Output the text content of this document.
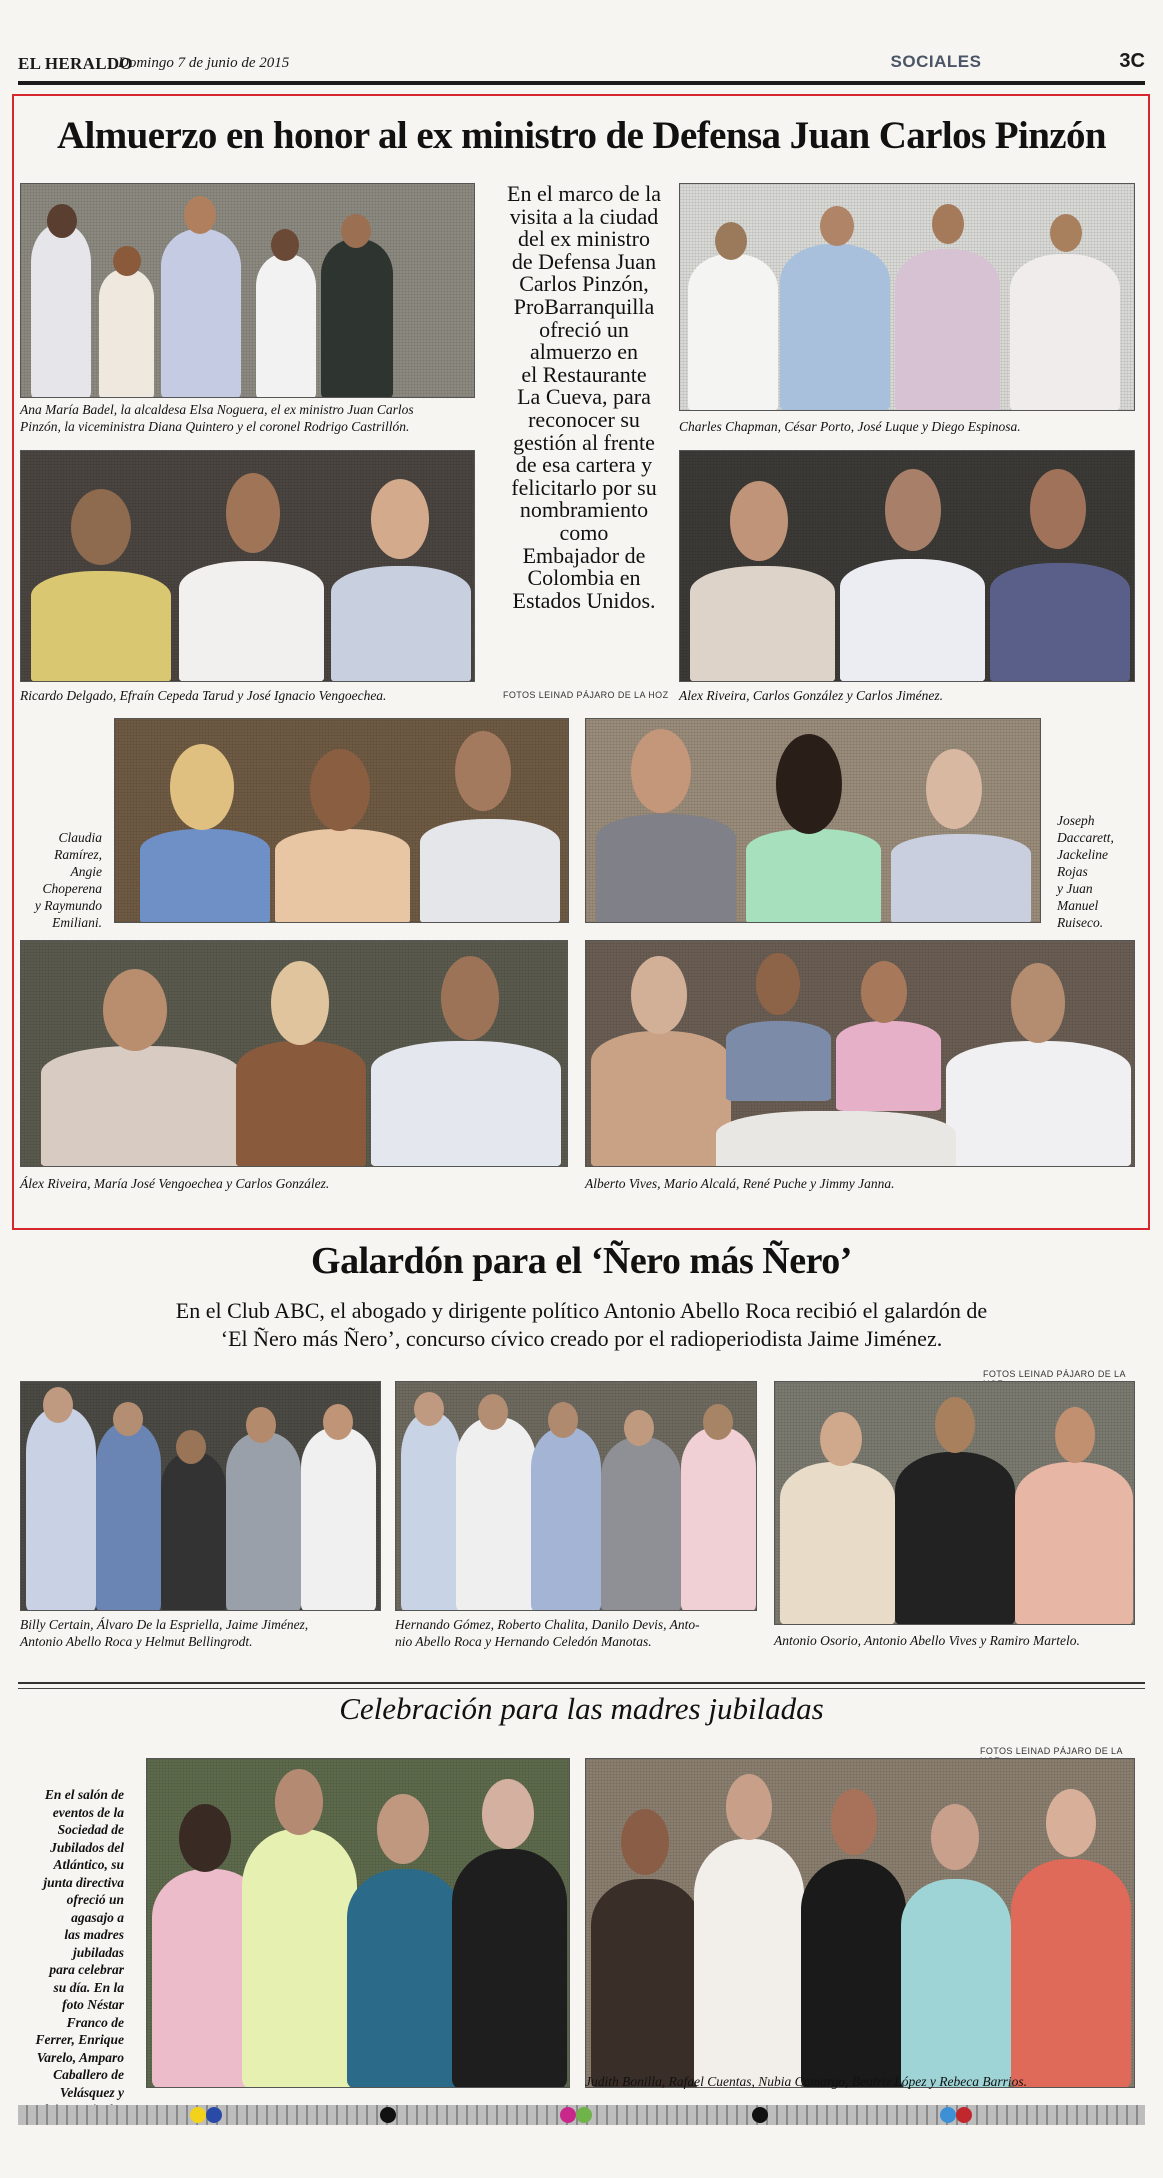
EL HERALDO
Domingo 7 de junio de 2015	SOCIALES	3C
Almuerzo en honor al ex ministro de Defensa Juan Carlos Pinzón
Ana María Badel, la alcaldesa Elsa Noguera, el ex ministro Juan Carlos
Pinzón, la viceministra Diana Quintero y el coronel Rodrigo Castrillón.	Charles Chapman, César Porto, José Luque y Diego Espinosa.
En el marco de la
visita a la ciudad
del ex ministro
de Defensa Juan
Carlos Pinzón,
ProBarranquilla
ofreció un
almuerzo en
el Restaurante
La Cueva, para
reconocer su
gestión al frente
de esa cartera y
felicitarlo por su
nombramiento
como
Embajador de
Colombia en
Estados Unidos.
Ricardo Delgado, Efraín Cepeda Tarud y José Ignacio Vengoechea.	FOTOS LEINAD PÁJARO DE LA HOZ Alex Riveira, Carlos González y Carlos Jiménez.
Claudia
Ramírez,
Angie
Choperena
y Raymundo
Emiliani.
Joseph
Daccarett,
Jackeline
Rojas
y Juan
Manuel
Ruiseco.
Álex Riveira, María José Vengoechea y Carlos González.	Alberto Vives, Mario Alcalá, René Puche y Jimmy Janna.
Galardón para el ‘Ñero más Ñero’
En el Club ABC, el abogado y dirigente político Antonio Abello Roca recibió el galardón de
‘El Ñero más Ñero’, concurso cívico creado por el radioperiodista Jaime Jiménez.
FOTOS LEINAD PÁJARO DE LA
Billy Certain, Álvaro De la Espriella, Jaime Jiménez,
Antonio Abello Roca y Helmut Bellingrodt.
Hernando Gómez, Roberto Chalita, Danilo Devis, Anto-
nio Abello Roca y Hernando Celedón Manotas.	Antonio Osorio, Antonio Abello Vives y Ramiro Martelo.
Celebración para las madres jubiladas
FOTOS LEINAD PÁJARO DE LA
En el salón de
eventos de la
Sociedad de
Jubilados del
Atlántico, su
junta directiva
ofreció un
agasajo a
las madres
jubiladas
para celebrar
su día. En la
foto Néstar
Franco de
Ferrer, Enrique
Varelo, Amparo
Caballero de
Velásquez y
Judith Bonilla, Rafael Cuentas, Nubia Camargo, Beatriz López y Rebeca Barrios.
